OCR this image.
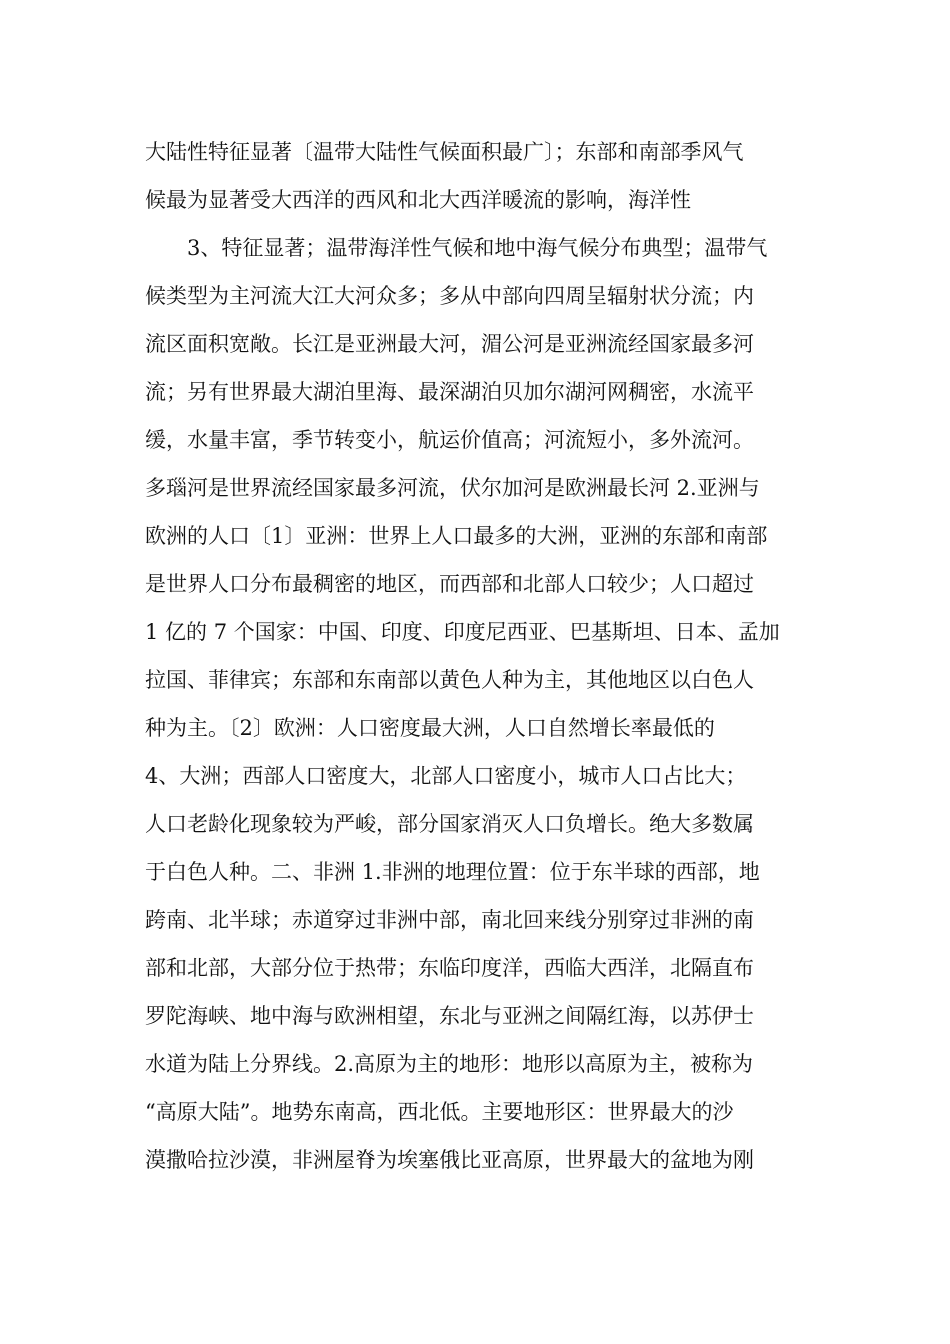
大陆性特征显著〔温带大陆性气候面积最广〕；东部和南部季风气
候最为显著受大西洋的西风和北大西洋暖流的影响，海洋性
　　3、特征显著；温带海洋性气候和地中海气候分布典型；温带气
候类型为主河流大江大河众多；多从中部向四周呈辐射状分流；内
流区面积宽敞。长江是亚洲最大河，湄公河是亚洲流经国家最多河
流；另有世界最大湖泊里海、最深湖泊贝加尔湖河网稠密，水流平
缓，水量丰富，季节转变小，航运价值高；河流短小，多外流河。
多瑙河是世界流经国家最多河流，伏尔加河是欧洲最长河 2.亚洲与
欧洲的人口〔1〕亚洲：世界上人口最多的大洲，亚洲的东部和南部
是世界人口分布最稠密的地区，而西部和北部人口较少；人口超过
1 亿的 7 个国家：中国、印度、印度尼西亚、巴基斯坦、日本、孟加
拉国、菲律宾；东部和东南部以黄色人种为主，其他地区以白色人
种为主。〔2〕欧洲：人口密度最大洲，人口自然增长率最低的
4、大洲；西部人口密度大，北部人口密度小，城市人口占比大；
人口老龄化现象较为严峻，部分国家消灭人口负增长。绝大多数属
于白色人种。二、非洲 1.非洲的地理位置：位于东半球的西部，地
跨南、北半球；赤道穿过非洲中部，南北回来线分别穿过非洲的南
部和北部，大部分位于热带；东临印度洋，西临大西洋，北隔直布
罗陀海峡、地中海与欧洲相望，东北与亚洲之间隔红海，以苏伊士
水道为陆上分界线。2.高原为主的地形：地形以高原为主，被称为
“高原大陆”。地势东南高，西北低。主要地形区：世界最大的沙
漠撒哈拉沙漠，非洲屋脊为埃塞俄比亚高原，世界最大的盆地为刚
